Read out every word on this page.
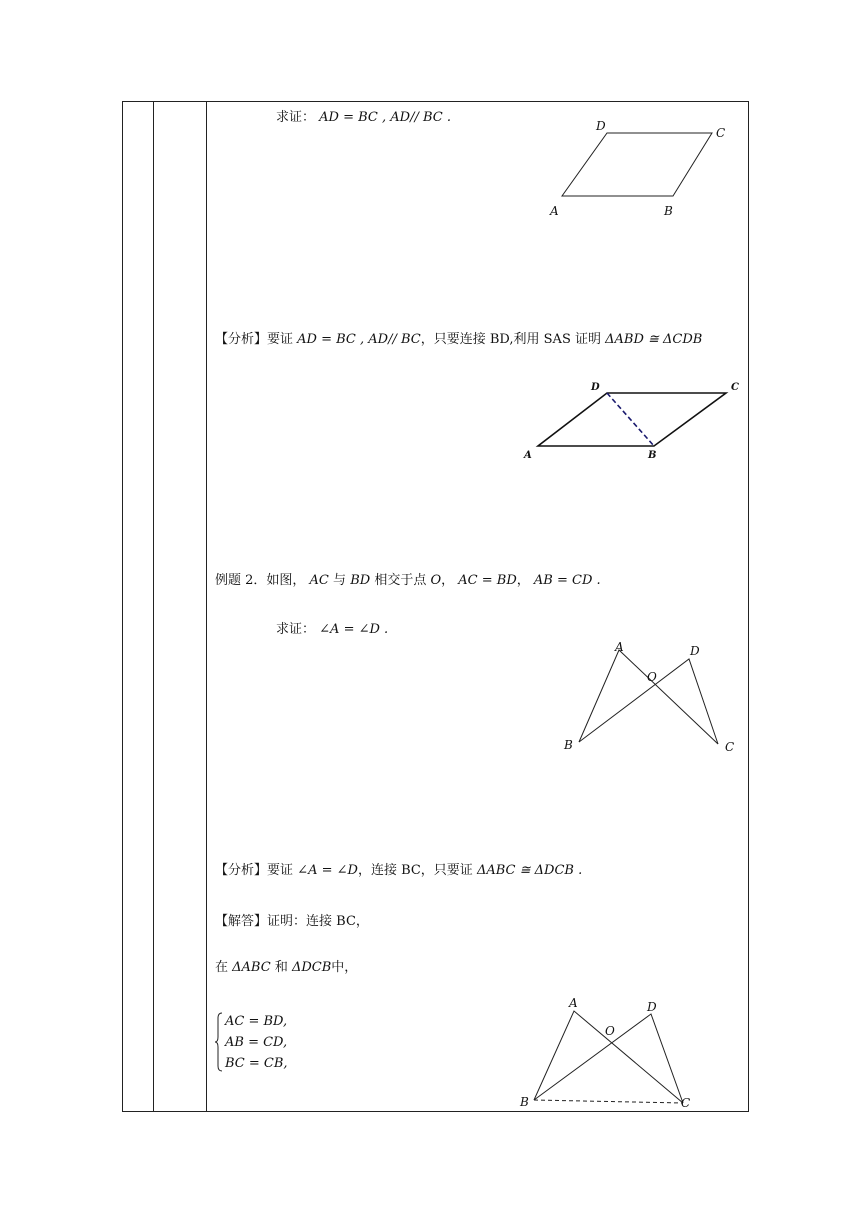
求证： AD = BC , AD// BC .
D	C
A	B
【分析】要证 AD = BC , AD// BC，只要连接 BD,利用 SAS 证明 ΔABD ≅ ΔCDB
D	C
A	B
例题 2．如图， AC 与 BD 相交于点 O， AC = BD， AB = CD .
求证： ∠A = ∠D .
A	D
O
B	C
【分析】要证 ∠A = ∠D，连接 BC，只要证 ΔABC ≅ ΔDCB .
【解答】证明：连接 BC，
在 ΔABC 和 ΔDCB中，
AC = BD,
AB = CD,
BC = CB,
A	D
O
B	C
